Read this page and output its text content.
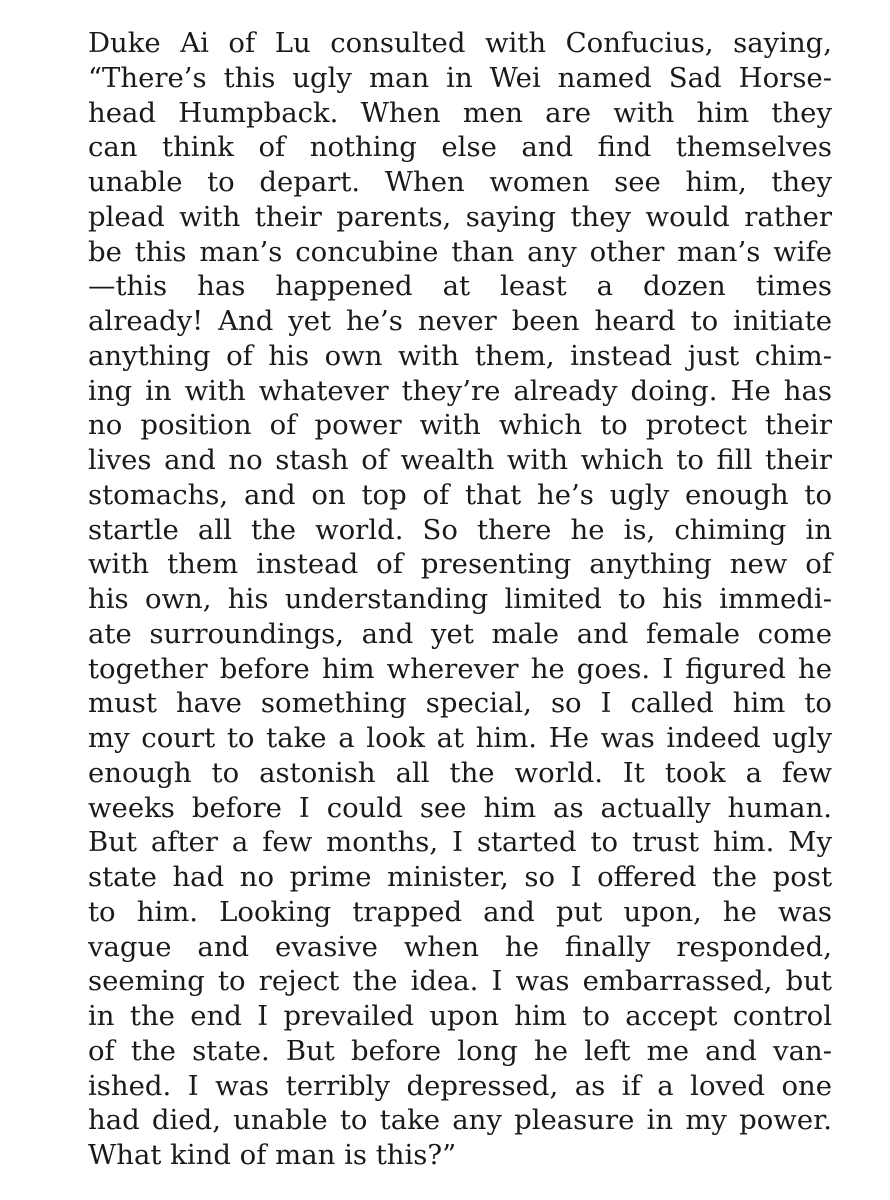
Duke Ai of Lu consulted with Confucius, saying,
“There’s this ugly man in Wei named Sad Horse-
head Humpback. When men are with him they
can think of nothing else and find themselves
unable to depart. When women see him, they
plead with their parents, saying they would rather
be this man’s concubine than any other man’s wife
—this has happened at least a dozen times
already! And yet he’s never been heard to initiate
anything of his own with them, instead just chim-
ing in with whatever they’re already doing. He has
no position of power with which to protect their
lives and no stash of wealth with which to fill their
stomachs, and on top of that he’s ugly enough to
startle all the world. So there he is, chiming in
with them instead of presenting anything new of
his own, his understanding limited to his immedi-
ate surroundings, and yet male and female come
together before him wherever he goes. I figured he
must have something special, so I called him to
my court to take a look at him. He was indeed ugly
enough to astonish all the world. It took a few
weeks before I could see him as actually human.
But after a few months, I started to trust him. My
state had no prime minister, so I offered the post
to him. Looking trapped and put upon, he was
vague and evasive when he finally responded,
seeming to reject the idea. I was embarrassed, but
in the end I prevailed upon him to accept control
of the state. But before long he left me and van-
ished. I was terribly depressed, as if a loved one
had died, unable to take any pleasure in my power.
What kind of man is this?”
